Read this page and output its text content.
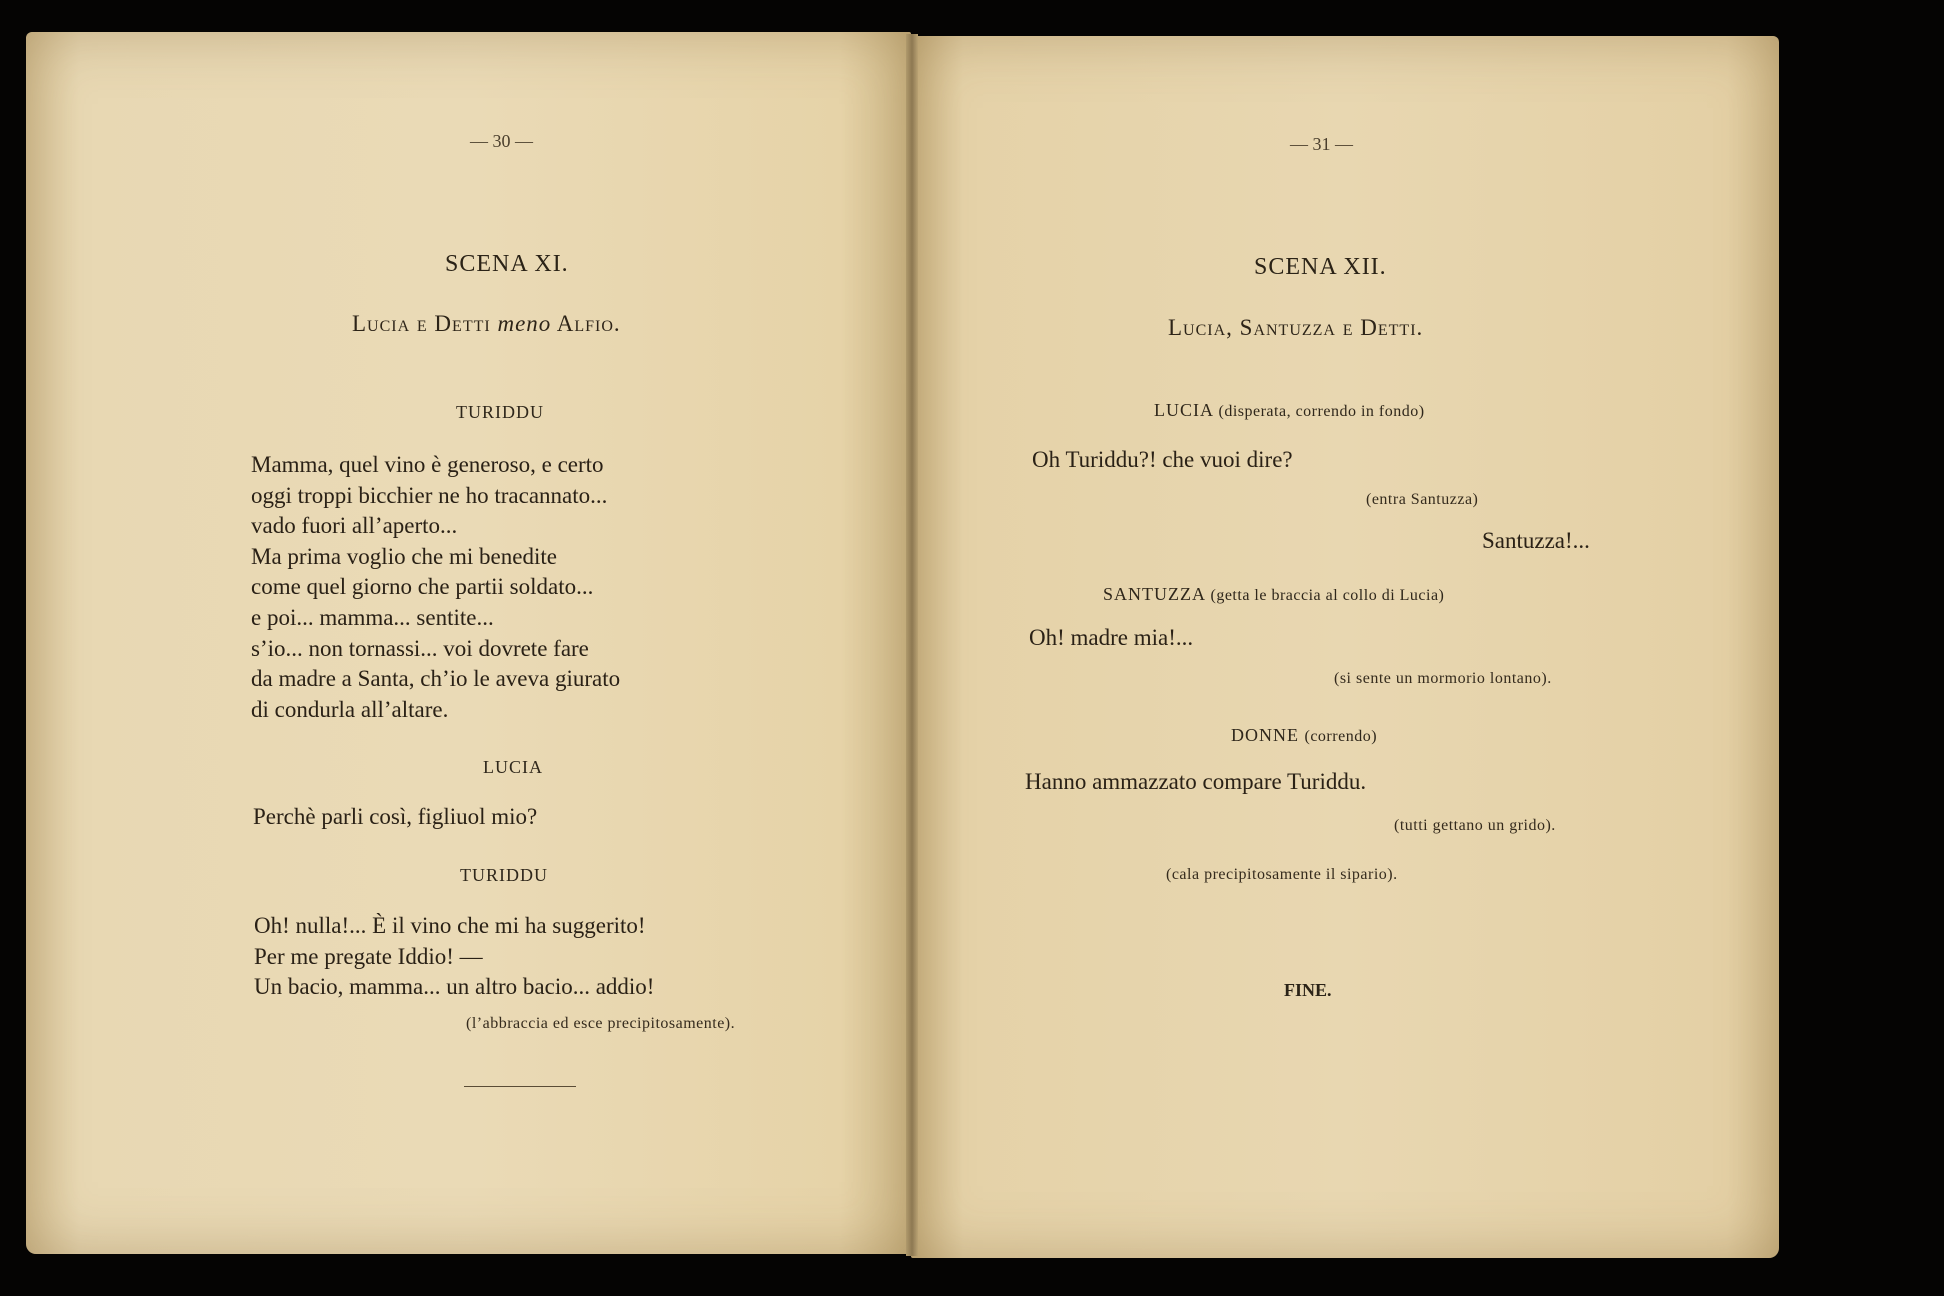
— 30 —
SCENA XI.
Lucia e Detti meno Alfio.
TURIDDU
Mamma, quel vino è generoso, e certo
oggi troppi bicchier ne ho tracannato...
vado fuori all’aperto...
Ma prima voglio che mi benedite
come quel giorno che partii soldato...
e poi... mamma... sentite...
s’io... non tornassi... voi dovrete fare
da madre a Santa, ch’io le aveva giurato
di condurla all’altare.
LUCIA
Perchè parli così, figliuol mio?
TURIDDU
Oh! nulla!... È il vino che mi ha suggerito!
Per me pregate Iddio! —
Un bacio, mamma... un altro bacio... addio!
(l’abbraccia ed esce precipitosamente).
— 31 —
SCENA XII.
Lucia, Santuzza e Detti.
LUCIA (disperata, correndo in fondo)
Oh Turiddu?! che vuoi dire?
(entra Santuzza)
Santuzza!...
SANTUZZA (getta le braccia al collo di Lucia)
Oh! madre mia!...
(si sente un mormorio lontano).
DONNE (correndo)
Hanno ammazzato compare Turiddu.
(tutti gettano un grido).
(cala precipitosamente il sipario).
FINE.
